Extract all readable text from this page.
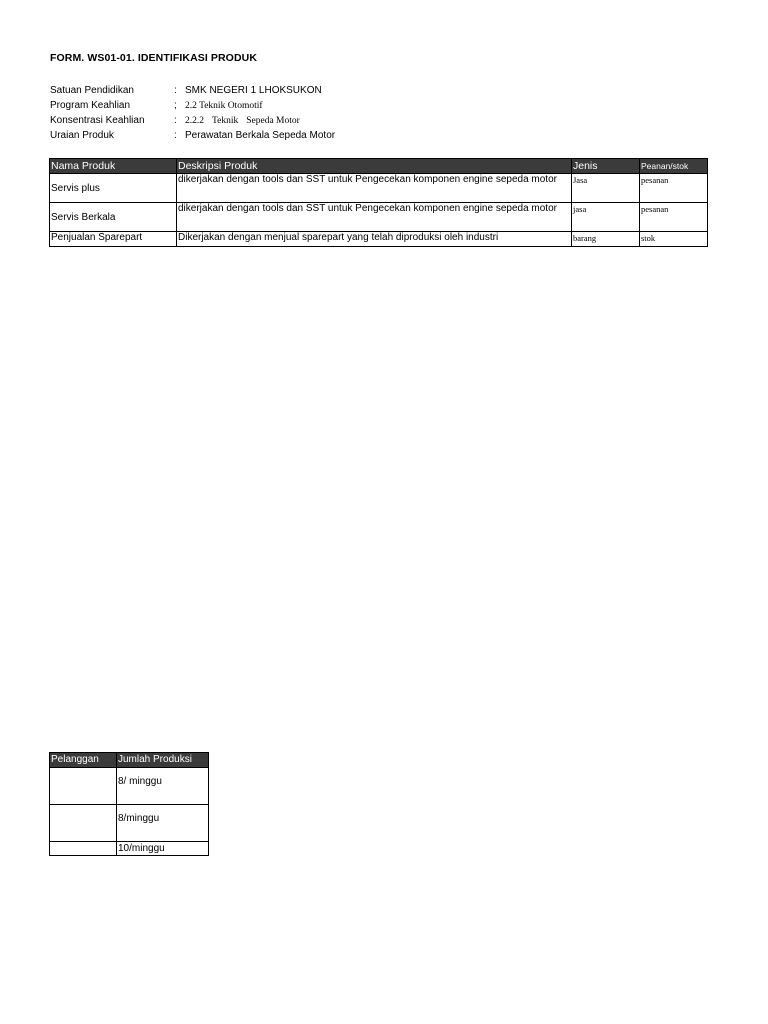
FORM. WS01-01. IDENTIFIKASI PRODUK
Satuan Pendidikan	: SMK NEGERI 1 LHOKSUKON
Program Keahlian	; 2.2 Teknik Otomotif
Konsentrasi Keahlian	: 2.2.2 Teknik Sepeda Motor
Uraian Produk	: Perawatan Berkala Sepeda Motor
Nama Produk	Deskripsi Produk	Jenis	Peanan/stok
Servis plus	dikerjakan dengan tools dan SST untuk Pengecekan komponen engine sepeda motor	Jasa	pesanan
Servis Berkala	dikerjakan dengan tools dan SST untuk Pengecekan komponen engine sepeda motor	jasa	pesanan
Penjualan Sparepart	Dikerjakan dengan menjual sparepart yang telah diproduksi oleh industri	barang	stok
Pelanggan	Jumlah Produksi
	8/ minggu
	8/minggu
	10/minggu
